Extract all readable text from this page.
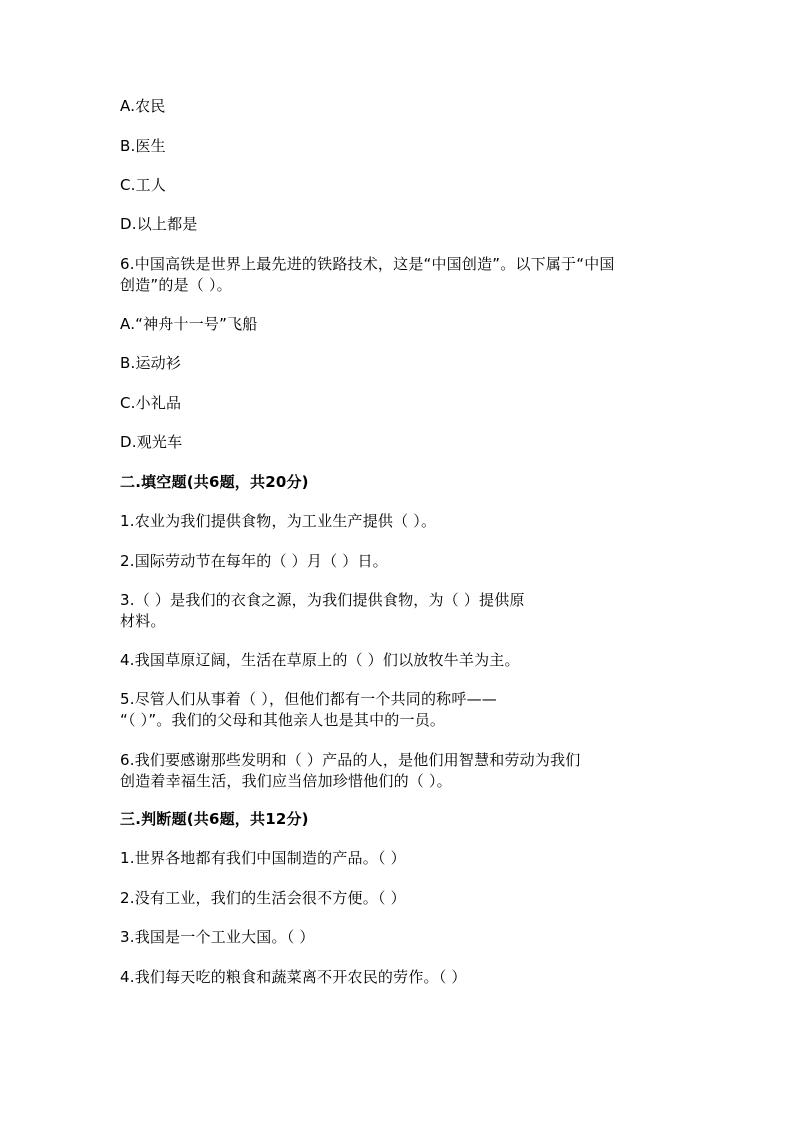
A.农民
B.医生
C.工人
D.以上都是
6.中国高铁是世界上最先进的铁路技术，这是“中国创造”。以下属于“中国
创造”的是（ ）。
A.“神舟十一号”飞船
B.运动衫
C.小礼品
D.观光车
二.填空题(共6题，共20分)
1.农业为我们提供食物，为工业生产提供（ ）。
2.国际劳动节在每年的（ ）月（ ）日。
3.（ ）是我们的衣食之源，为我们提供食物，为（ ）提供原
材料。
4.我国草原辽阔，生活在草原上的（ ）们以放牧牛羊为主。
5.尽管人们从事着（ ），但他们都有一个共同的称呼——
“（ ）”。我们的父母和其他亲人也是其中的一员。
6.我们要感谢那些发明和（ ）产品的人，是他们用智慧和劳动为我们
创造着幸福生活，我们应当倍加珍惜他们的（ ）。
三.判断题(共6题，共12分)
1.世界各地都有我们中国制造的产品。（ ）
2.没有工业，我们的生活会很不方便。（ ）
3.我国是一个工业大国。（ ）
4.我们每天吃的粮食和蔬菜离不开农民的劳作。（ ）
